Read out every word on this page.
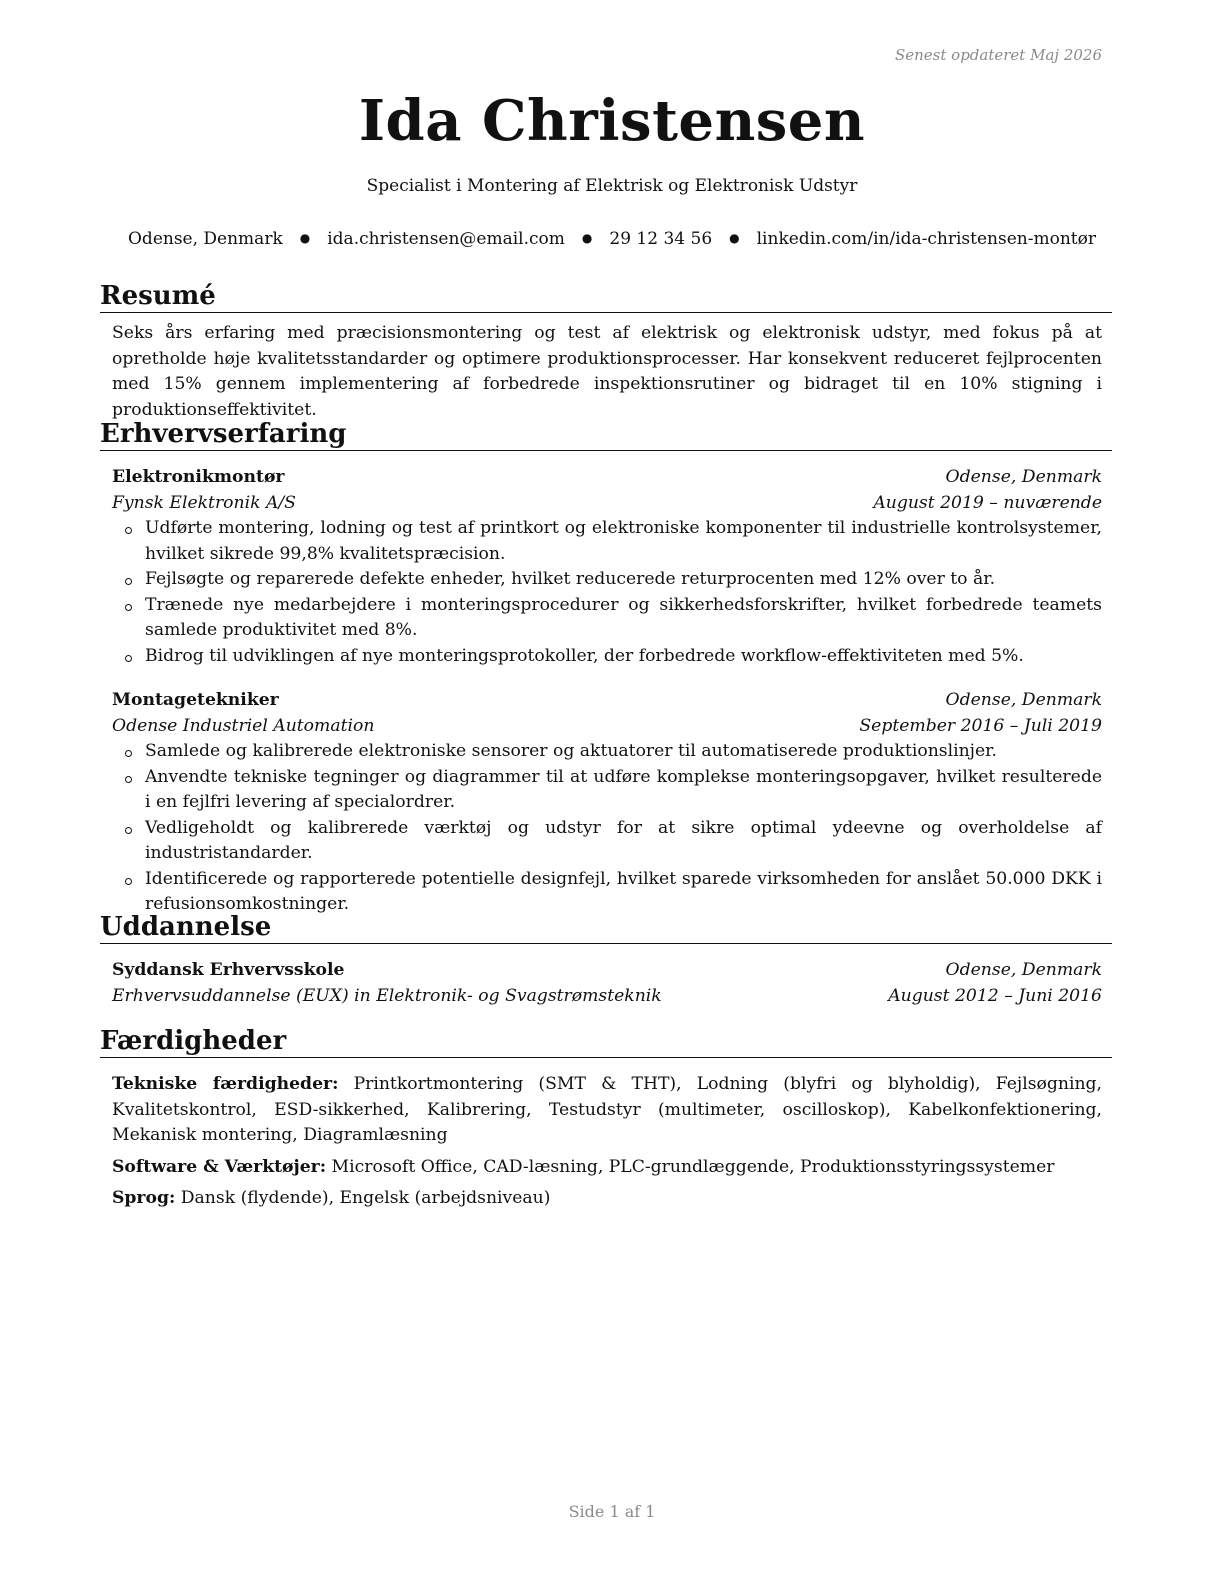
Senest opdateret Maj 2026
Ida Christensen
Specialist i Montering af Elektrisk og Elektronisk Udstyr
Odense, Denmark ● ida.christensen@email.com ● 29 12 34 56 ● linkedin.com/in/ida-christensen-montør
Resumé
Seks års erfaring med præcisionsmontering og test af elektrisk og elektronisk udstyr, med fokus på at opretholde høje kvalitetsstandarder og optimere produktionsprocesser. Har konsekvent reduceret fejlprocenten med 15% gennem implementering af forbedrede inspektionsrutiner og bidraget til en 10% stigning i produktionseffektivitet.
Erhvervserfaring
Elektronikmontør	Odense, Denmark
Fynsk Elektronik A/S	August 2019 – nuværende
Udførte montering, lodning og test af printkort og elektroniske komponenter til industrielle kontrolsystemer, hvilket sikrede 99,8% kvalitetspræcision.
Fejlsøgte og reparerede defekte enheder, hvilket reducerede returprocenten med 12% over to år.
Trænede nye medarbejdere i monteringsprocedurer og sikkerhedsforskrifter, hvilket forbedrede teamets samlede produktivitet med 8%.
Bidrog til udviklingen af nye monteringsprotokoller, der forbedrede workflow-effektiviteten med 5%.
Montagetekniker	Odense, Denmark
Odense Industriel Automation	September 2016 – Juli 2019
Samlede og kalibrerede elektroniske sensorer og aktuatorer til automatiserede produktionslinjer.
Anvendte tekniske tegninger og diagrammer til at udføre komplekse monteringsopgaver, hvilket resulterede i en fejlfri levering af specialordrer.
Vedligeholdt og kalibrerede værktøj og udstyr for at sikre optimal ydeevne og overholdelse af industristandarder.
Identificerede og rapporterede potentielle designfejl, hvilket sparede virksomheden for anslået 50.000 DKK i refusionsomkostninger.
Uddannelse
Syddansk Erhvervsskole	Odense, Denmark
Erhvervsuddannelse (EUX) in Elektronik- og Svagstrømsteknik	August 2012 – Juni 2016
Færdigheder
Tekniske færdigheder: Printkortmontering (SMT & THT), Lodning (blyfri og blyholdig), Fejlsøgning, Kvalitetskontrol, ESD-sikkerhed, Kalibrering, Testudstyr (multimeter, oscilloskop), Kabelkonfektionering, Mekanisk montering, Diagramlæsning
Software & Værktøjer: Microsoft Office, CAD-læsning, PLC-grundlæggende, Produktionsstyringssystemer
Sprog: Dansk (flydende), Engelsk (arbejdsniveau)
Side 1 af 1
